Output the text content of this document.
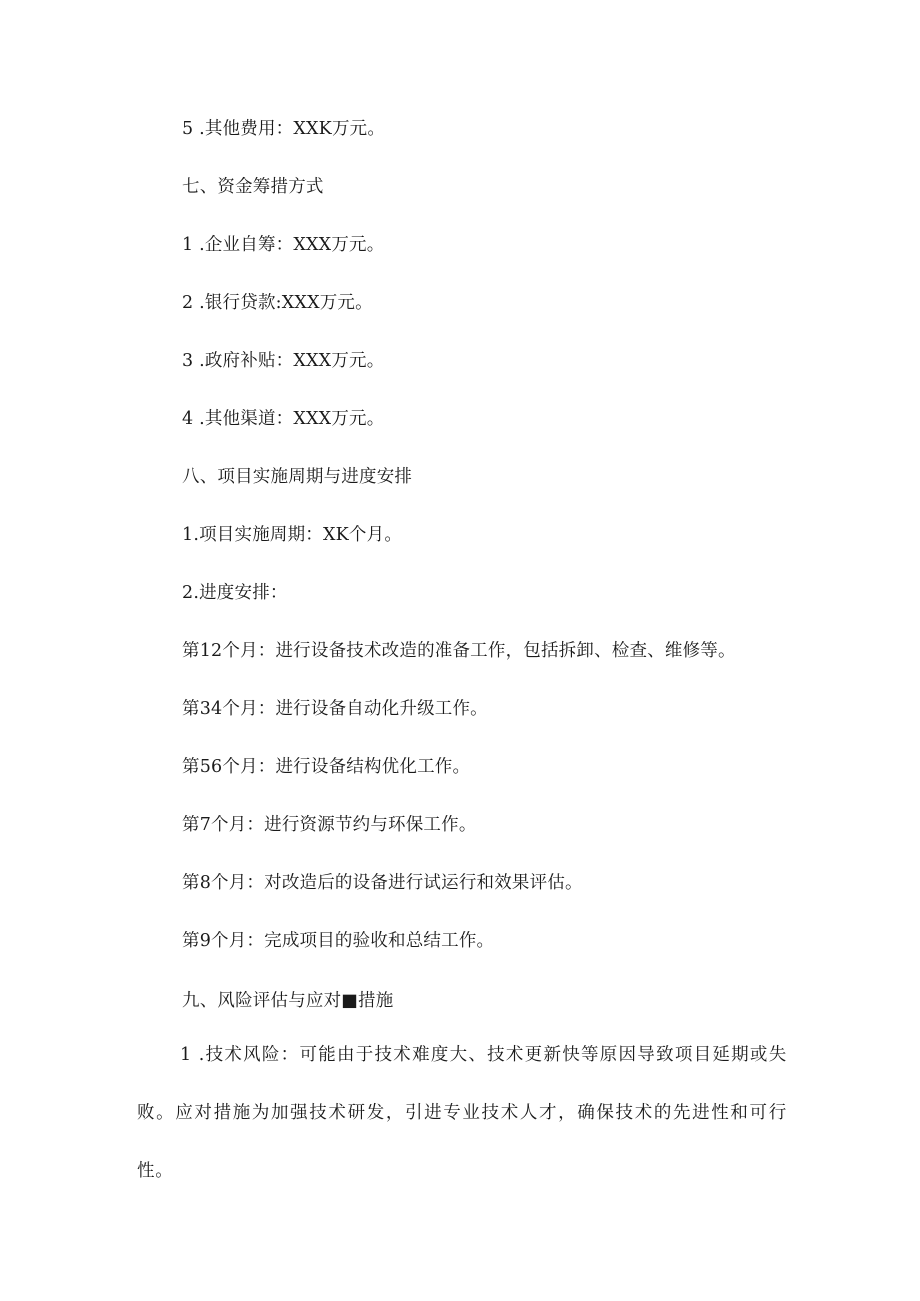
5 .其他费用：XXK万元。
七、资金筹措方式
1 .企业自筹：XXX万元。
2 .银行贷款:XXX万元。
3 .政府补贴：XXX万元。
4 .其他渠道：XXX万元。
八、项目实施周期与进度安排
1.项目实施周期：XK个月。
2.进度安排：
第12个月：进行设备技术改造的准备工作，包括拆卸、检查、维修等。
第34个月：进行设备自动化升级工作。
第56个月：进行设备结构优化工作。
第7个月：进行资源节约与环保工作。
第8个月：对改造后的设备进行试运行和效果评估。
第9个月：完成项目的验收和总结工作。
九、风险评估与应对■措施
1 .技术风险：可能由于技术难度大、技术更新快等原因导致项目延期或失败。应对措施为加强技术研发，引进专业技术人才，确保技术的先进性和可行性。
